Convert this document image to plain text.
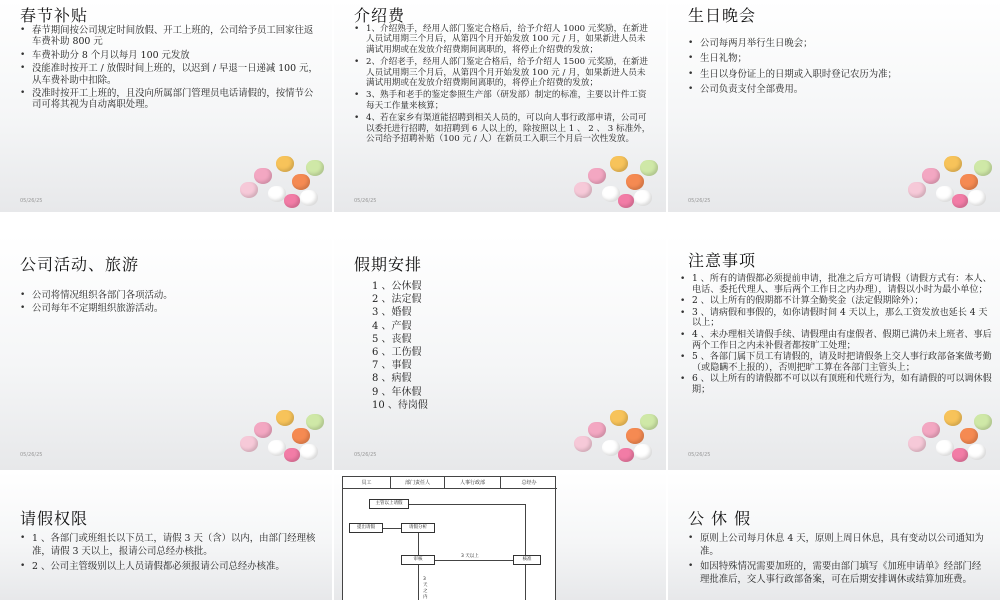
春节补贴
• 春节期间按公司规定时间放假、开工上班的，公司给予员工回家往返车费补助 800 元
• 车费补助分 8 个月以每月 100 元发放
• 没能准时按开工 / 放假时间上班的，以迟到 / 早退一日递减 100 元，从车费补助中扣除。
• 没准时按开工上班的，且没向所属部门管理员电话请假的，按情节公司可将其视为自动离职处理。
05/26/25
介绍费
• 1、介绍熟手，经用人部门鉴定合格后，给予介绍人 1000 元奖励，在新进人员试用期三个月后，从第四个月开始发放 100 元 / 月，如果新进人员未满试用期或在发放介绍费期间离职的，将停止介绍费的发放；
• 2、介绍老手，经用人部门鉴定合格后，给予介绍人 1500 元奖励，在新进人员试用期三个月后，从第四个月开始发放 100 元 / 月，如果新进人员未满试用期或在发放介绍费期间离职的，将停止介绍费的发放；
• 3、熟手和老手的鉴定参照生产部（研发部）制定的标准，主要以计件工资每天工作量来核算；
• 4、若在家乡有渠道能招聘到相关人员的，可以向人事行政部申请，公司可以委托进行招聘，如招聘到 6 人以上的，除按照以上 1 、 2 、 3 标准外，公司给予招聘补贴（100 元 / 人）在新员工入职三个月后一次性发放。
05/26/25
生日晚会
• 公司每两月举行生日晚会；
• 生日礼物；
• 生日以身份证上的日期或入职时登记农历为准；
• 公司负责支付全部费用。
05/26/25
公司活动、旅游
• 公司将情况组织各部门各项活动。
• 公司每年不定期组织旅游活动。
05/26/25
假期安排
1 、公休假
2 、法定假
3 、婚假
4 、产假
5 、丧假
6 、工伤假
7 、事假
8 、病假
9 、年休假
10 、待岗假
05/26/25
注意事项
• 1 、所有的请假都必须提前申请，批准之后方可请假（请假方式有：本人、电话、委托代理人、事后两个工作日之内办理），请假以小时为最小单位；
• 2 、以上所有的假期都不计算全勤奖金（法定假期除外）；
• 3 、请病假和事假的，如你请假时间 4 天以上，那么工资发放也延长 4 天以上；
• 4 、未办理相关请假手续、请假理由有虚假者、假期已满仍未上班者、事后两个工作日之内未补假者都按旷工处理；
• 5 、各部门属下员工有请假的，请及时把请假条上交人事行政部备案做考勤（或隐瞒不上报的），否则把旷工算在各部门主管头上；
• 6 、以上所有的请假都不可以以有顶班和代班行为，如有請假的可以调休假期；
05/26/25
请假权限
• 1 、各部门或班组长以下员工，请假 3 天（含）以内，由部门经理核准，请假 3 天以上，报请公司总经办核批。
• 2 、公司主管级别以上人员请假都必须报请公司总经办核准。
员工	部门责任人	人事行政部	总经办
主管以上请假
提出请假	请假分析
审核
3 天以上
核准
3 天 之 内
公 休 假
• 原则上公司每月休息 4 天，原则上周日休息，具有变动以公司通知为准。
• 如因特殊情况需要加班的，需要由部门填写《加班申请单》经部门经理批准后，交人事行政部备案，可在后期安排调休或结算加班费。
